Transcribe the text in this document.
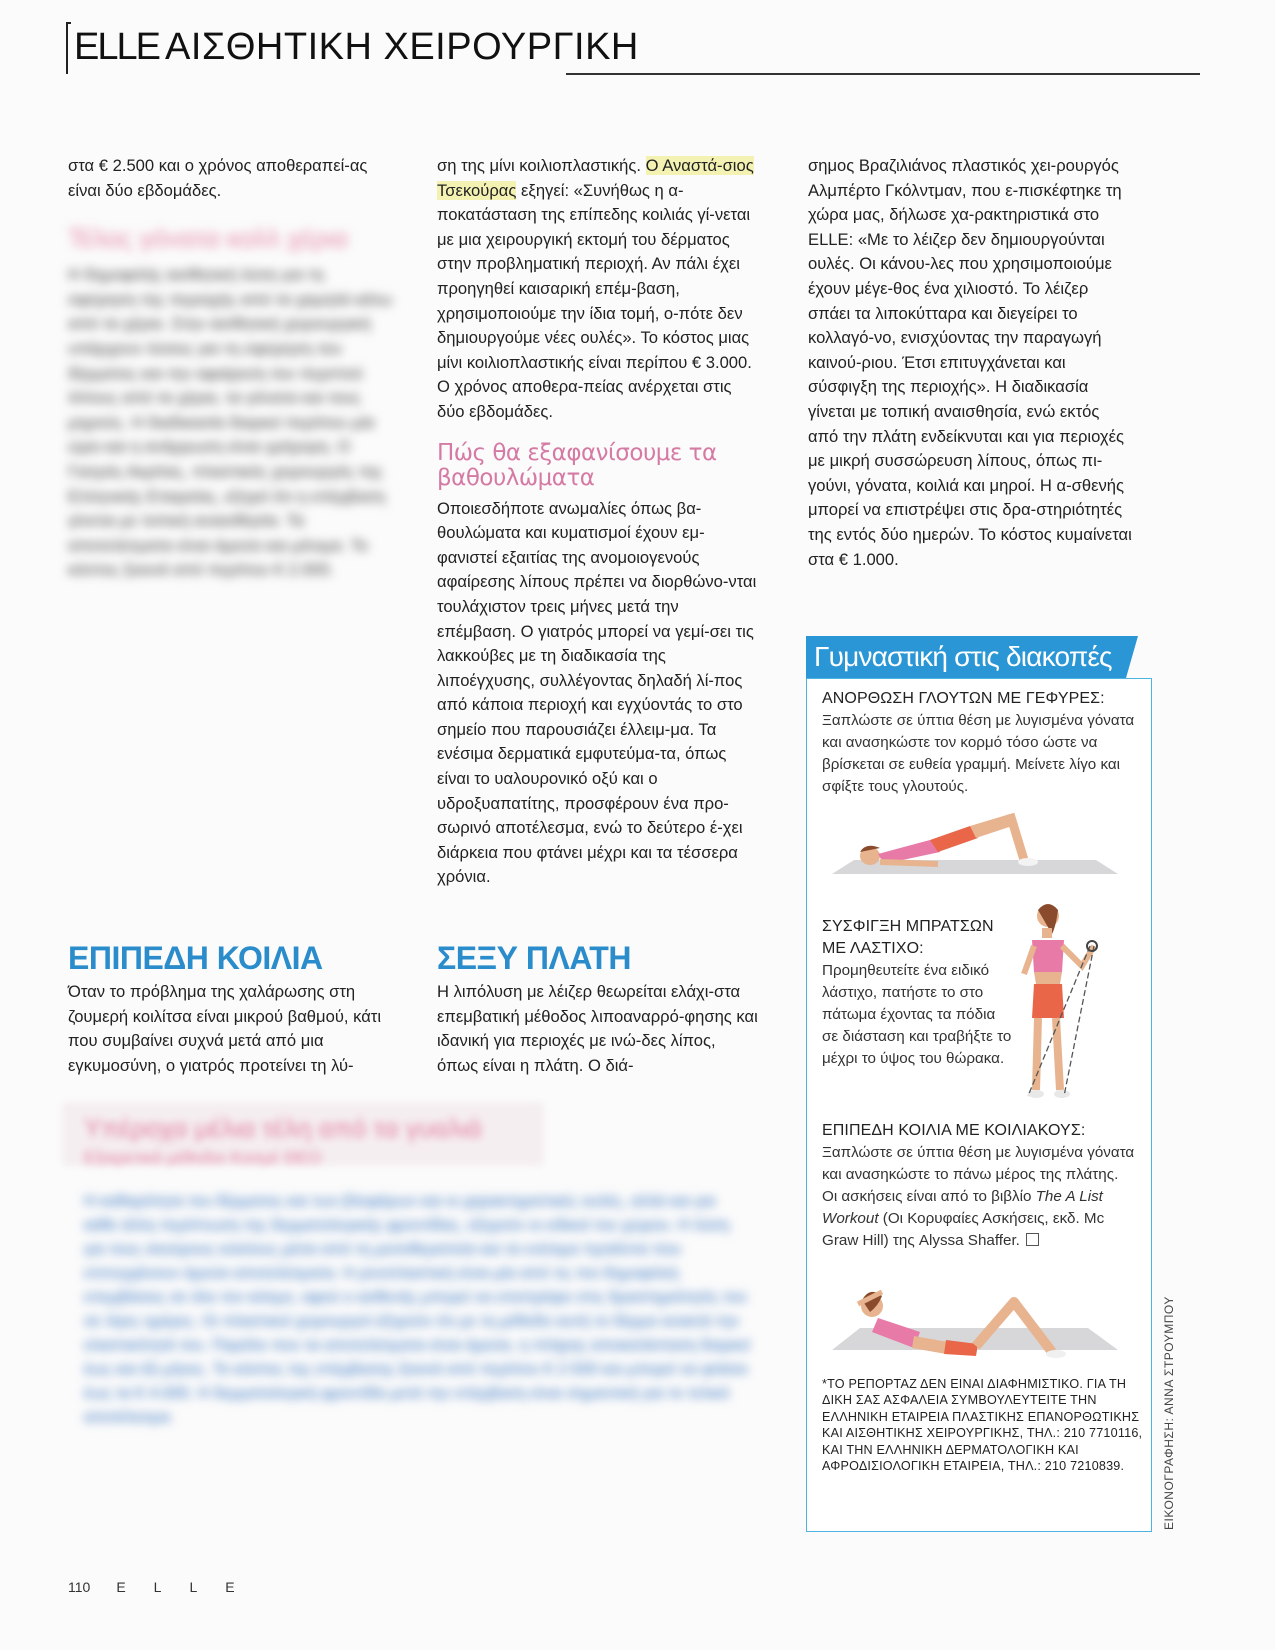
ELLE ΑΙΣΘΗΤΙΚΗ ΧΕΙΡΟΥΡΓΙΚΗ

στα € 2.500 και ο χρόνος αποθεραπεί-ας είναι δύο εβδομάδες.

Τέλος γόνατα κολλ χέρια

Η δημοφιλής αισθητική λύση για τη σφύρηση της περιοχής από τα χαμηλά κάτω από τα χέρια. Στην αισθητική χειρουργική υπάρχουν λύσεις για τη σφύρηση του δέρματος και την αφαίρεση του περιττού λίπους από τα χέρια, τα γόνατα και τους μηρούς. Η διαδικασία διαρκεί περίπου μία ώρα και η ανάρρωση είναι γρήγορη. Ο Γιατρός Ακρίτας, πλαστικός χειρουργός της Ελληνικής Εταιρείας, εξηγεί ότι η επέμβαση γίνεται με τοπική αναισθησία. Τα αποτελέσματα είναι άμεσα και μόνιμα. Το κόστος ξεκινά από περίπου € 2.000.

ση της μίνι κοιλιοπλαστικής. Ο Αναστά-σιος Τσεκούρας εξηγεί: «Συνήθως η α-ποκατάσταση της επίπεδης κοιλιάς γί-νεται με μια χειρουργική εκτομή του δέρματος στην προβληματική περιοχή. Αν πάλι έχει προηγηθεί καισαρική επέμ-βαση, χρησιμοποιούμε την ίδια τομή, ο-πότε δεν δημιουργούμε νέες ουλές». Το κόστος μιας μίνι κοιλιοπλαστικής είναι περίπου € 3.000. Ο χρόνος αποθερα-πείας ανέρχεται στις δύο εβδομάδες.

Πώς θα εξαφανίσουμε τα βαθουλώματα

Οποιεσδήποτε ανωμαλίες όπως βα-θουλώματα και κυματισμοί έχουν εμ-φανιστεί εξαιτίας της ανομοιογενούς αφαίρεσης λίπους πρέπει να διορθώνο-νται τουλάχιστον τρεις μήνες μετά την επέμβαση. Ο γιατρός μπορεί να γεμί-σει τις λακκούβες με τη διαδικασία της λιποέγχυσης, συλλέγοντας δηλαδή λί-πος από κάποια περιοχή και εγχύοντάς το στο σημείο που παρουσιάζει έλλειμ-μα. Τα ενέσιμα δερματικά εμφυτεύμα-τα, όπως είναι το υαλουρονικό οξύ και ο υδροξυαπατίτης, προσφέρουν ένα προ-σωρινό αποτέλεσμα, ενώ το δεύτερο έ-χει διάρκεια που φτάνει μέχρι και τα τέσσερα χρόνια.

σημος Βραζιλιάνος πλαστικός χει-ρουργός Αλμπέρτο Γκόλντμαν, που ε-πισκέφτηκε τη χώρα μας, δήλωσε χα-ρακτηριστικά στο ELLE: «Με το λέιζερ δεν δημιουργούνται ουλές. Οι κάνου-λες που χρησιμοποιούμε έχουν μέγε-θος ένα χιλιοστό. Το λέιζερ σπάει τα λιποκύτταρα και διεγείρει το κολλαγό-νο, ενισχύοντας την παραγωγή καινού-ριου. Έτσι επιτυγχάνεται και σύσφιγξη της περιοχής». Η διαδικασία γίνεται με τοπική αναισθησία, ενώ εκτός από την πλάτη ενδείκνυται και για περιοχές με μικρή συσσώρευση λίπους, όπως πι-γούνι, γόνατα, κοιλιά και μηροί. Η α-σθενής μπορεί να επιστρέψει στις δρα-στηριότητές της εντός δύο ημερών. Το κόστος κυμαίνεται στα € 1.000.

ΕΠΙΠΕΔΗ ΚΟΙΛΙΑ
Όταν το πρόβλημα της χαλάρωσης στη ζουμερή κοιλίτσα είναι μικρού βαθμού, κάτι που συμβαίνει συχνά μετά από μια εγκυμοσύνη, ο γιατρός προτείνει τη λύ-
ΣΕΞΥ ΠΛΑΤΗ
Η λιπόλυση με λέιζερ θεωρείται ελάχι-στα επεμβατική μέθοδος λιποαναρρό-φησης και ιδανική για περιοχές με ινώ-δες λίπος, όπως είναι η πλάτη. Ο διά-
Υπέροχα μέλια τέλη από τα γυαλιά
Εξαιρετικά μέθοδοι Κοσμέ ΘΕΟ
Η καθαρότητα του δέρματος και των βλεφάρων και οι χαρακτηριστικές ουλές, αλλά και για κάθε άλλη περίπτωση της δερματολογικής φροντίδας, εξηγούν οι ειδικοί του χώρου. Η λύση για τους σκούρους κύκλους μέσα από τη μεσοθεραπεία και τα ενέσιμα προϊόντα που επιτυγχάνουν άμεσα αποτελέσματα. Η ρινοπλαστική είναι μία από τις πιο δημοφιλείς επεμβάσεις σε όλο τον κόσμο, αφού ο ασθενής μπορεί να επιστρέψει στις δραστηριότητές του σε λίγες ημέρες. Οι πλαστικοί χειρουργοί εξηγούν ότι με τη μέθοδο αυτή το δέρμα ανακτά την ελαστικότητά του. Παρόλο που τα αποτελέσματα είναι άμεσα, η πλήρης αποκατάσταση διαρκεί έως και έξι μήνες. Το κόστος της επέμβασης ξεκινά από περίπου € 2.500 και μπορεί να φτάσει έως τα € 4.000. Η δερματολογική φροντίδα μετά την επέμβαση είναι σημαντική για το τελικό αποτέλεσμα.
Γυμναστική στις διακοπές
ΑΝΟΡΘΩΣΗ ΓΛΟΥΤΩΝ ΜΕ ΓΕΦΥΡΕΣ:
Ξαπλώστε σε ύπτια θέση με λυγισμένα γόνατα και ανασηκώστε τον κορμό τόσο ώστε να βρίσκεται σε ευθεία γραμμή. Μείνετε λίγο και σφίξτε τους γλουτούς.
ΣΥΣΦΙΓΞΗ ΜΠΡΑΤΣΩΝ ΜΕ ΛΑΣΤΙΧΟ:
Προμηθευτείτε ένα ειδικό λάστιχο, πατήστε το στο πάτωμα έχοντας τα πόδια σε διάσταση και τραβήξτε το μέχρι το ύψος του θώρακα.
ΕΠΙΠΕΔΗ ΚΟΙΛΙΑ ΜΕ ΚΟΙΛΙΑΚΟΥΣ:
Ξαπλώστε σε ύπτια θέση με λυγισμένα γόνατα και ανασηκώστε το πάνω μέρος της πλάτης.
Οι ασκήσεις είναι από το βιβλίο The A List Workout (Οι Κορυφαίες Ασκήσεις, εκδ. Mc Graw Hill) της Alyssa Shaffer.
*ΤΟ ΡΕΠΟΡΤΑΖ ΔΕΝ ΕΙΝΑΙ ΔΙΑΦΗΜΙΣΤΙΚΟ. ΓΙΑ ΤΗ ΔΙΚΗ ΣΑΣ ΑΣΦΑΛΕΙΑ ΣΥΜΒΟΥΛΕΥΤΕΙΤΕ ΤΗΝ ΕΛΛΗΝΙΚΗ ΕΤΑΙΡΕΙΑ ΠΛΑΣΤΙΚΗΣ ΕΠΑΝΟΡΘΩΤΙΚΗΣ ΚΑΙ ΑΙΣΘΗΤΙΚΗΣ ΧΕΙΡΟΥΡΓΙΚΗΣ, ΤΗΛ.: 210 7710116, ΚΑΙ ΤΗΝ ΕΛΛΗΝΙΚΗ ΔΕΡΜΑΤΟΛΟΓΙΚΗ ΚΑΙ ΑΦΡΟΔΙΣΙΟΛΟΓΙΚΗ ΕΤΑΙΡΕΙΑ, ΤΗΛ.: 210 7210839.	ΕΙΚΟΝΟΓΡΑΦΗΣΗ: ΑΝΝΑ ΣΤΡΟΥΜΠΟΥ
110 ELLE
